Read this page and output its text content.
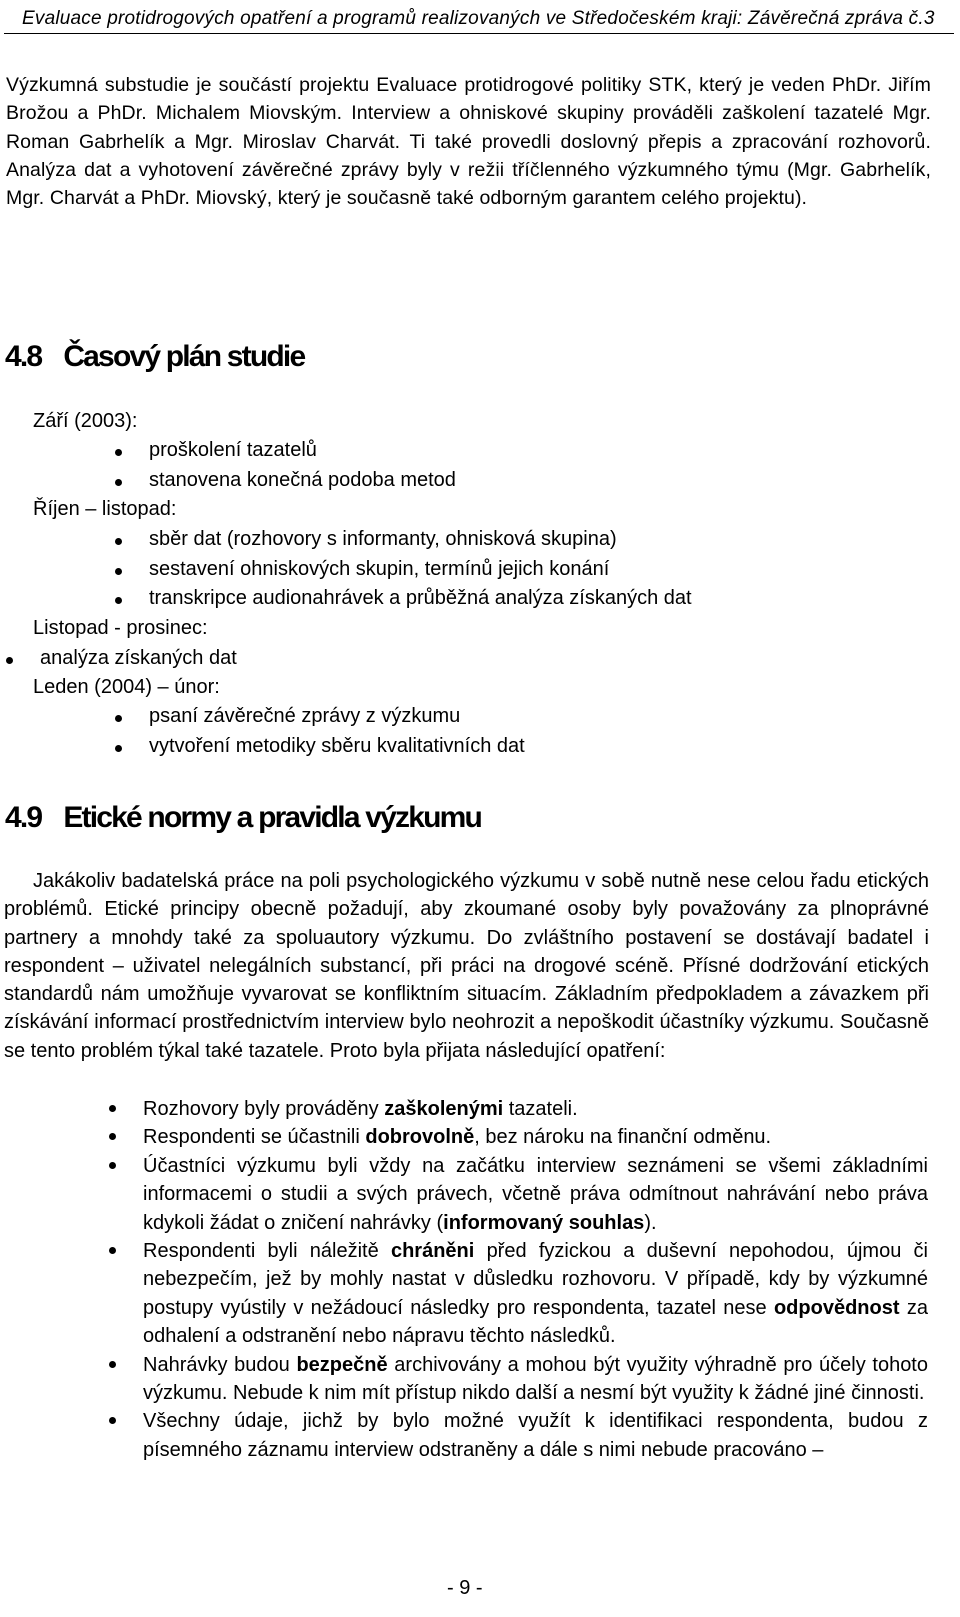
Evaluace protidrogových opatření a programů realizovaných ve Středočeském kraji: Závěrečná zpráva č.3
Výzkumná substudie je součástí projektu Evaluace protidrogové politiky STK, který je veden PhDr. Jiřím Brožou a PhDr. Michalem Miovským. Interview a ohniskové skupiny prováděli zaškolení tazatelé Mgr. Roman Gabrhelík a Mgr. Miroslav Charvát. Ti také provedli doslovný přepis a zpracování rozhovorů. Analýza dat a vyhotovení závěrečné zprávy byly v režii tříčlenného výzkumného týmu (Mgr. Gabrhelík, Mgr. Charvát a PhDr. Miovský, který je současně také odborným garantem celého projektu).
4.8 Časový plán studie
Září (2003):
proškolení tazatelů
stanovena konečná podoba metod
Říjen – listopad:
sběr dat (rozhovory s informanty, ohnisková skupina)
sestavení ohniskových skupin, termínů jejich konání
transkripce audionahrávek a průběžná analýza získaných dat
Listopad - prosinec:
analýza získaných dat
Leden (2004) – únor:
psaní závěrečné zprávy z výzkumu
vytvoření metodiky sběru kvalitativních dat
4.9 Etické normy a pravidla výzkumu
Jakákoliv badatelská práce na poli psychologického výzkumu v sobě nutně nese celou řadu etických problémů. Etické principy obecně požadují, aby zkoumané osoby byly považovány za plnoprávné partnery a mnohdy také za spoluautory výzkumu. Do zvláštního postavení se dostávají badatel i respondent – uživatel nelegálních substancí, při práci na drogové scéně. Přísné dodržování etických standardů nám umožňuje vyvarovat se konfliktním situacím. Základním předpokladem a závazkem při získávání informací prostřednictvím interview bylo neohrozit a nepoškodit účastníky výzkumu. Současně se tento problém týkal také tazatele. Proto byla přijata následující opatření:

Rozhovory byly prováděny zaškolenými tazateli.

Respondenti se účastnili dobrovolně, bez nároku na finanční odměnu.

Účastníci výzkumu byli vždy na začátku interview seznámeni se všemi základními informacemi o studii a svých právech, včetně práva odmítnout nahrávání nebo práva kdykoli žádat o zničení nahrávky (informovaný souhlas).

Respondenti byli náležitě chráněni před fyzickou a duševní nepohodou, újmou či nebezpečím, jež by mohly nastat v důsledku rozhovoru. V případě, kdy by výzkumné postupy vyústily v nežádoucí následky pro respondenta, tazatel nese odpovědnost za odhalení a odstranění nebo nápravu těchto následků.

Nahrávky budou bezpečně archivovány a mohou být využity výhradně pro účely tohoto výzkumu. Nebude k nim mít přístup nikdo další a nesmí být využity k žádné jiné činnosti.

Všechny údaje, jichž by bylo možné využít k identifikaci respondenta, budou z písemného záznamu interview odstraněny a dále s nimi nebude pracováno –

- 9 -
